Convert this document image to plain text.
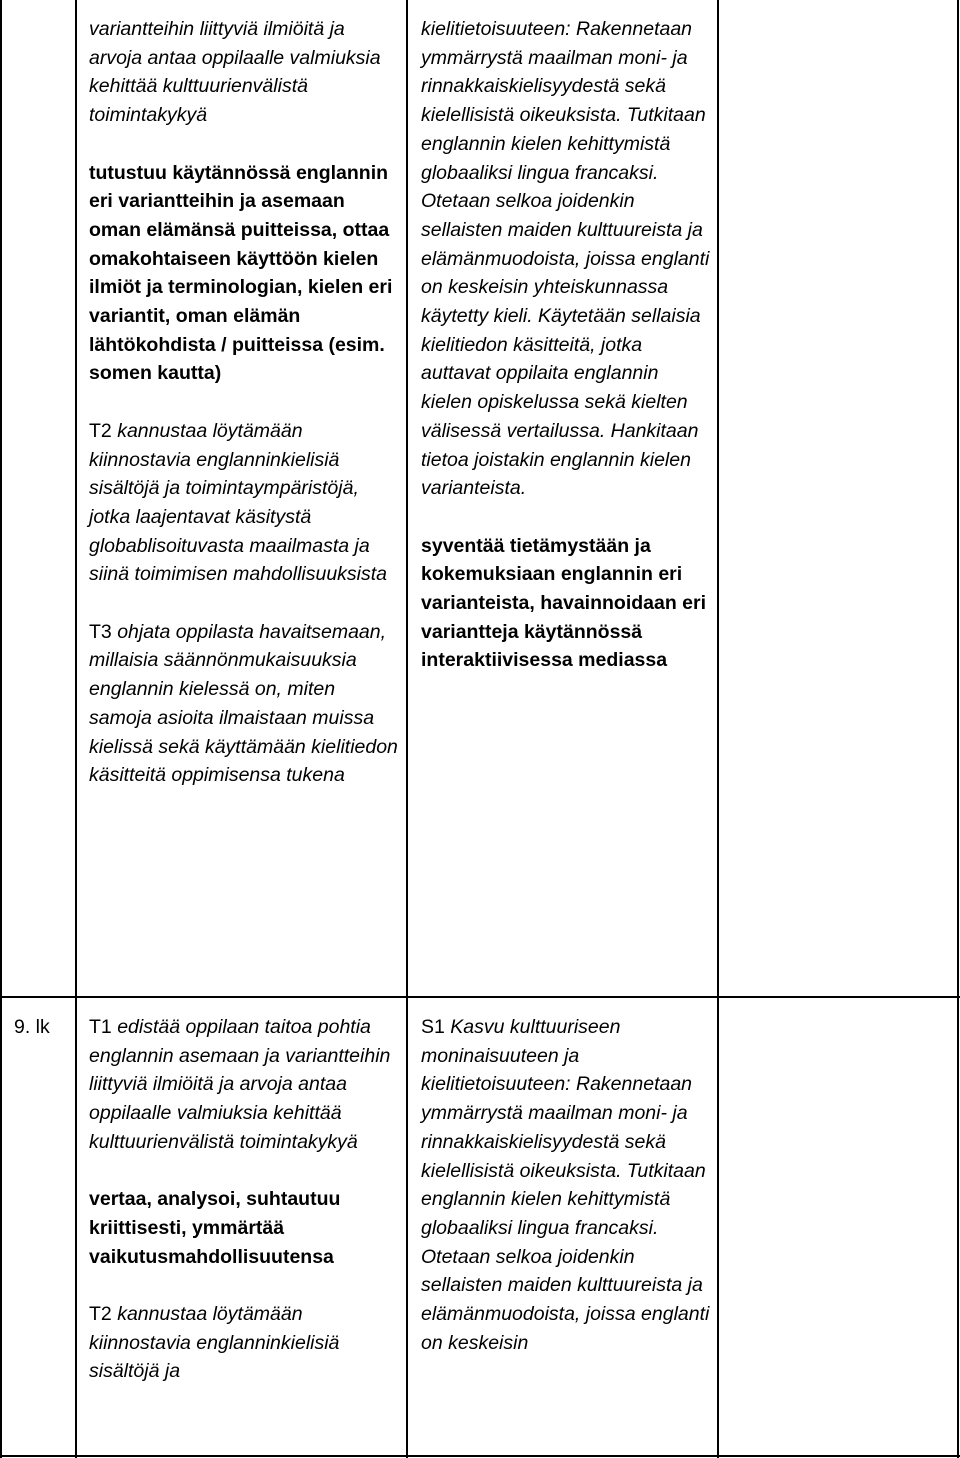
variantteihin liittyviä ilmiöitä ja arvoja antaa oppilaalle valmiuksia kehittää kulttuurienvälistä toimintakykyä

tutustuu käytännössä englannin eri variantteihin ja asemaan oman elämänsä puitteissa, ottaa omakohtaiseen käyttöön kielen ilmiöt ja terminologian, kielen eri variantit, oman elämän lähtökohdista / puitteissa (esim. somen kautta)

T2 kannustaa löytämään kiinnostavia englanninkielisiä sisältöjä ja toimintaympäristöjä, jotka laajentavat käsitystä globablisoituvasta maailmasta ja siinä toimimisen mahdollisuuksista

T3 ohjata oppilasta havaitsemaan, millaisia säännönmukaisuuksia englannin kielessä on, miten samoja asioita ilmaistaan muissa kielissä sekä käyttämään kielitiedon käsitteitä oppimisensa tukena

kielitietoisuuteen: Rakennetaan ymmärrystä maailman moni- ja rinnakkaiskielisyydestä sekä kielellisistä oikeuksista. Tutkitaan englannin kielen kehittymistä globaaliksi lingua francaksi. Otetaan selkoa joidenkin sellaisten maiden kulttuureista ja elämänmuodoista, joissa englanti on keskeisin yhteiskunnassa käytetty kieli. Käytetään sellaisia kielitiedon käsitteitä, jotka auttavat oppilaita englannin kielen opiskelussa sekä kielten välisessä vertailussa. Hankitaan tietoa joistakin englannin kielen varianteista.

syventää tietämystään ja kokemuksiaan englannin eri varianteista, havainnoidaan eri variantteja käytännössä interaktiivisessa mediassa

9. lk	T1 edistää oppilaan taitoa pohtia englannin asemaan ja variantteihin liittyviä ilmiöitä ja arvoja antaa oppilaalle valmiuksia kehittää kulttuurienvälistä toimintakykyä

vertaa, analysoi, suhtautuu kriittisesti, ymmärtää vaikutusmahdollisuutensa

T2 kannustaa löytämään kiinnostavia englanninkielisiä sisältöjä ja

S1 Kasvu kulttuuriseen moninaisuuteen ja kielitietoisuuteen: Rakennetaan ymmärrystä maailman moni- ja rinnakkaiskielisyydestä sekä kielellisistä oikeuksista. Tutkitaan englannin kielen kehittymistä globaaliksi lingua francaksi. Otetaan selkoa joidenkin sellaisten maiden kulttuureista ja elämänmuodoista, joissa englanti on keskeisin
